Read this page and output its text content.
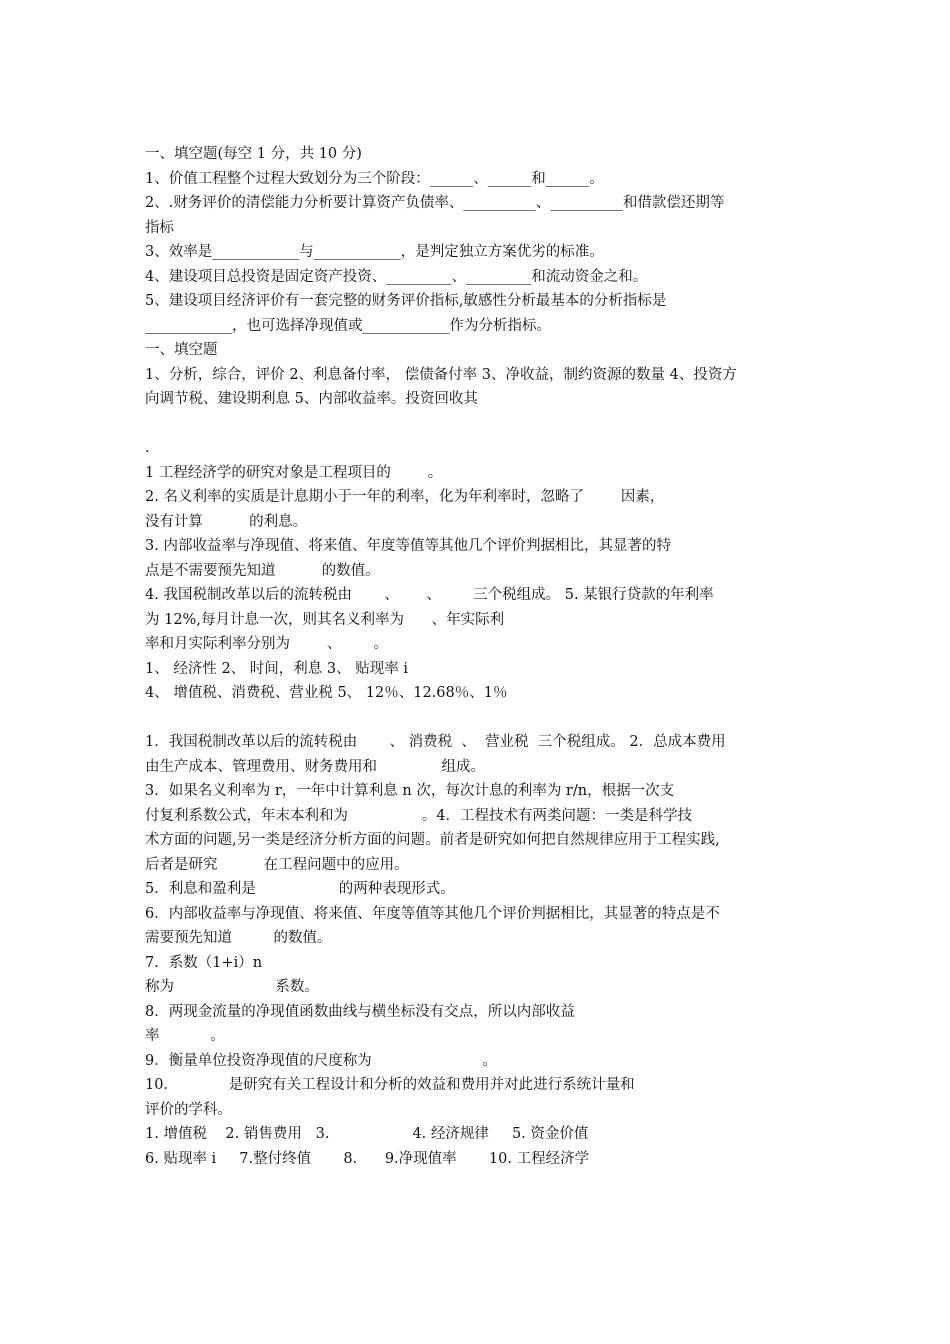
一、填空题(每空 1 分，共 10 分)
1、价值工程整个过程大致划分为三个阶段：______、______和______。
2、.财务评价的清偿能力分析要计算资产负债率、__________、__________和借款偿还期等
指标
3、效率是____________与____________，是判定独立方案优劣的标准。
4、建设项目总投资是固定资产投资、_________、_________和流动资金之和。
5、建设项目经济评价有一套完整的财务评价指标,敏感性分析最基本的分析指标是
____________，也可选择净现值或____________作为分析指标。
一、填空题
1、分析，综合，评价 2、利息备付率， 偿债备付率 3、净收益，制约资源的数量 4、投资方
向调节税、建设期利息 5、内部收益率。投资回收其
.
1 工程经济学的研究对象是工程项目的        。
2. 名义利率的实质是计息期小于一年的利率，化为年利率时，忽略了        因素，
没有计算          的利息。
3. 内部收益率与净现值、将来值、年度等值等其他几个评价判据相比，其显著的特
点是不需要预先知道          的数值。
4. 我国税制改革以后的流转税由       、      、       三个税组成。 5. 某银行贷款的年利率
为 12%,每月计息一次，则其名义利率为      、年实际利
率和月实际利率分别为        、       。
1、 经济性 2、 时间，利息 3、 贴现率 i
4、 增值税、消费税、营业税 5、 12％、12.68％、1％
1．我国税制改革以后的流转税由       、 消费税  、  营业税  三个税组成。 2．总成本费用
由生产成本、管理费用、财务费用和              组成。
3．如果名义利率为 r，一年中计算利息 n 次，每次计息的利率为 r/n，根据一次支
付复利系数公式，年末本利和为                。4．工程技术有两类问题：一类是科学技
术方面的问题,另一类是经济分析方面的问题。前者是研究如何把自然规律应用于工程实践,
后者是研究          在工程问题中的应用。
5．利息和盈利是                  的两种表现形式。
6．内部收益率与净现值、将来值、年度等值等其他几个评价判据相比，其显著的特点是不
需要预先知道         的数值。
7．系数（1+i）n
称为                      系数。
8．两现金流量的净现值函数曲线与横坐标没有交点，所以内部收益
率           。
9．衡量单位投资净现值的尺度称为                        。
10．           是研究有关工程设计和分析的效益和费用并对此进行系统计量和
评价的学科。
1. 增值税    2. 销售费用   3.                  4. 经济规律     5. 资金价值
6. 贴现率 i     7.整付终值       8.      9.净现值率       10. 工程经济学
